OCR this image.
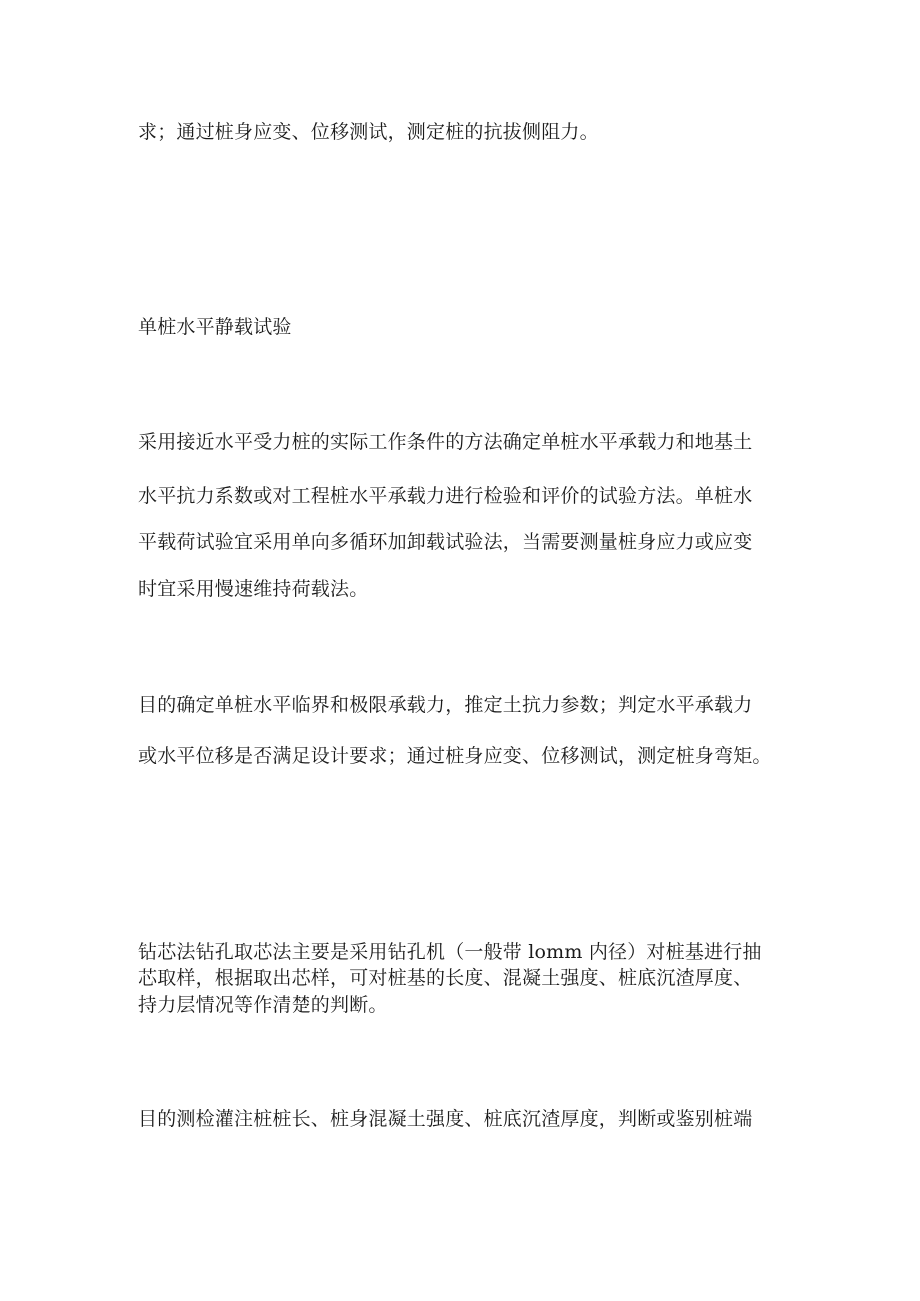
求；通过桩身应变、位移测试，测定桩的抗拔侧阻力。
单桩水平静载试验
采用接近水平受力桩的实际工作条件的方法确定单桩水平承载力和地基土
水平抗力系数或对工程桩水平承载力进行检验和评价的试验方法。单桩水
平载荷试验宜采用单向多循环加卸载试验法，当需要测量桩身应力或应变
时宜采用慢速维持荷载法。
目的确定单桩水平临界和极限承载力，推定土抗力参数；判定水平承载力
或水平位移是否满足设计要求；通过桩身应变、位移测试，测定桩身弯矩。
钻芯法钻孔取芯法主要是采用钻孔机（一般带 lomm 内径）对桩基进行抽
芯取样，根据取出芯样，可对桩基的长度、混凝土强度、桩底沉渣厚度、
持力层情况等作清楚的判断。
目的测检灌注桩桩长、桩身混凝土强度、桩底沉渣厚度，判断或鉴别桩端
